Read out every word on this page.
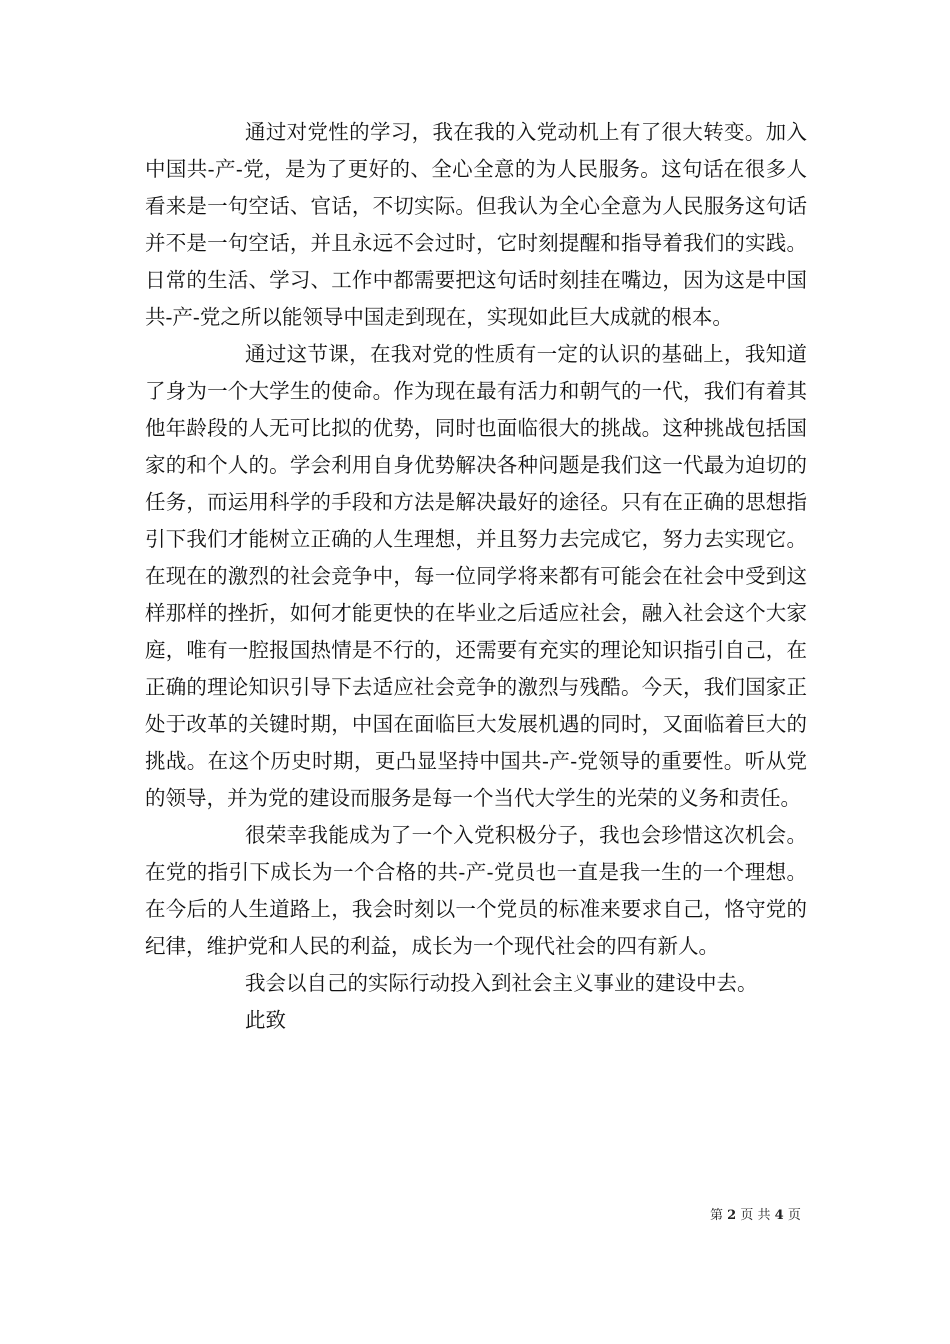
通过对党性的学习，我在我的入党动机上有了很大转变。加入中国共-产-党，是为了更好的、全心全意的为人民服务。这句话在很多人看来是一句空话、官话，不切实际。但我认为全心全意为人民服务这句话并不是一句空话，并且永远不会过时，它时刻提醒和指导着我们的实践。日常的生活、学习、工作中都需要把这句话时刻挂在嘴边，因为这是中国共-产-党之所以能领导中国走到现在，实现如此巨大成就的根本。

通过这节课，在我对党的性质有一定的认识的基础上，我知道了身为一个大学生的使命。作为现在最有活力和朝气的一代，我们有着其他年龄段的人无可比拟的优势，同时也面临很大的挑战。这种挑战包括国家的和个人的。学会利用自身优势解决各种问题是我们这一代最为迫切的任务，而运用科学的手段和方法是解决最好的途径。只有在正确的思想指引下我们才能树立正确的人生理想，并且努力去完成它，努力去实现它。在现在的激烈的社会竞争中，每一位同学将来都有可能会在社会中受到这样那样的挫折，如何才能更快的在毕业之后适应社会，融入社会这个大家庭，唯有一腔报国热情是不行的，还需要有充实的理论知识指引自己，在正确的理论知识引导下去适应社会竞争的激烈与残酷。今天，我们国家正处于改革的关键时期，中国在面临巨大发展机遇的同时，又面临着巨大的挑战。在这个历史时期，更凸显坚持中国共-产-党领导的重要性。听从党的领导，并为党的建设而服务是每一个当代大学生的光荣的义务和责任。

很荣幸我能成为了一个入党积极分子，我也会珍惜这次机会。在党的指引下成长为一个合格的共-产-党员也一直是我一生的一个理想。在今后的人生道路上，我会时刻以一个党员的标准来要求自己，恪守党的纪律，维护党和人民的利益，成长为一个现代社会的四有新人。

我会以自己的实际行动投入到社会主义事业的建设中去。

此致

第 2 页 共 4 页
